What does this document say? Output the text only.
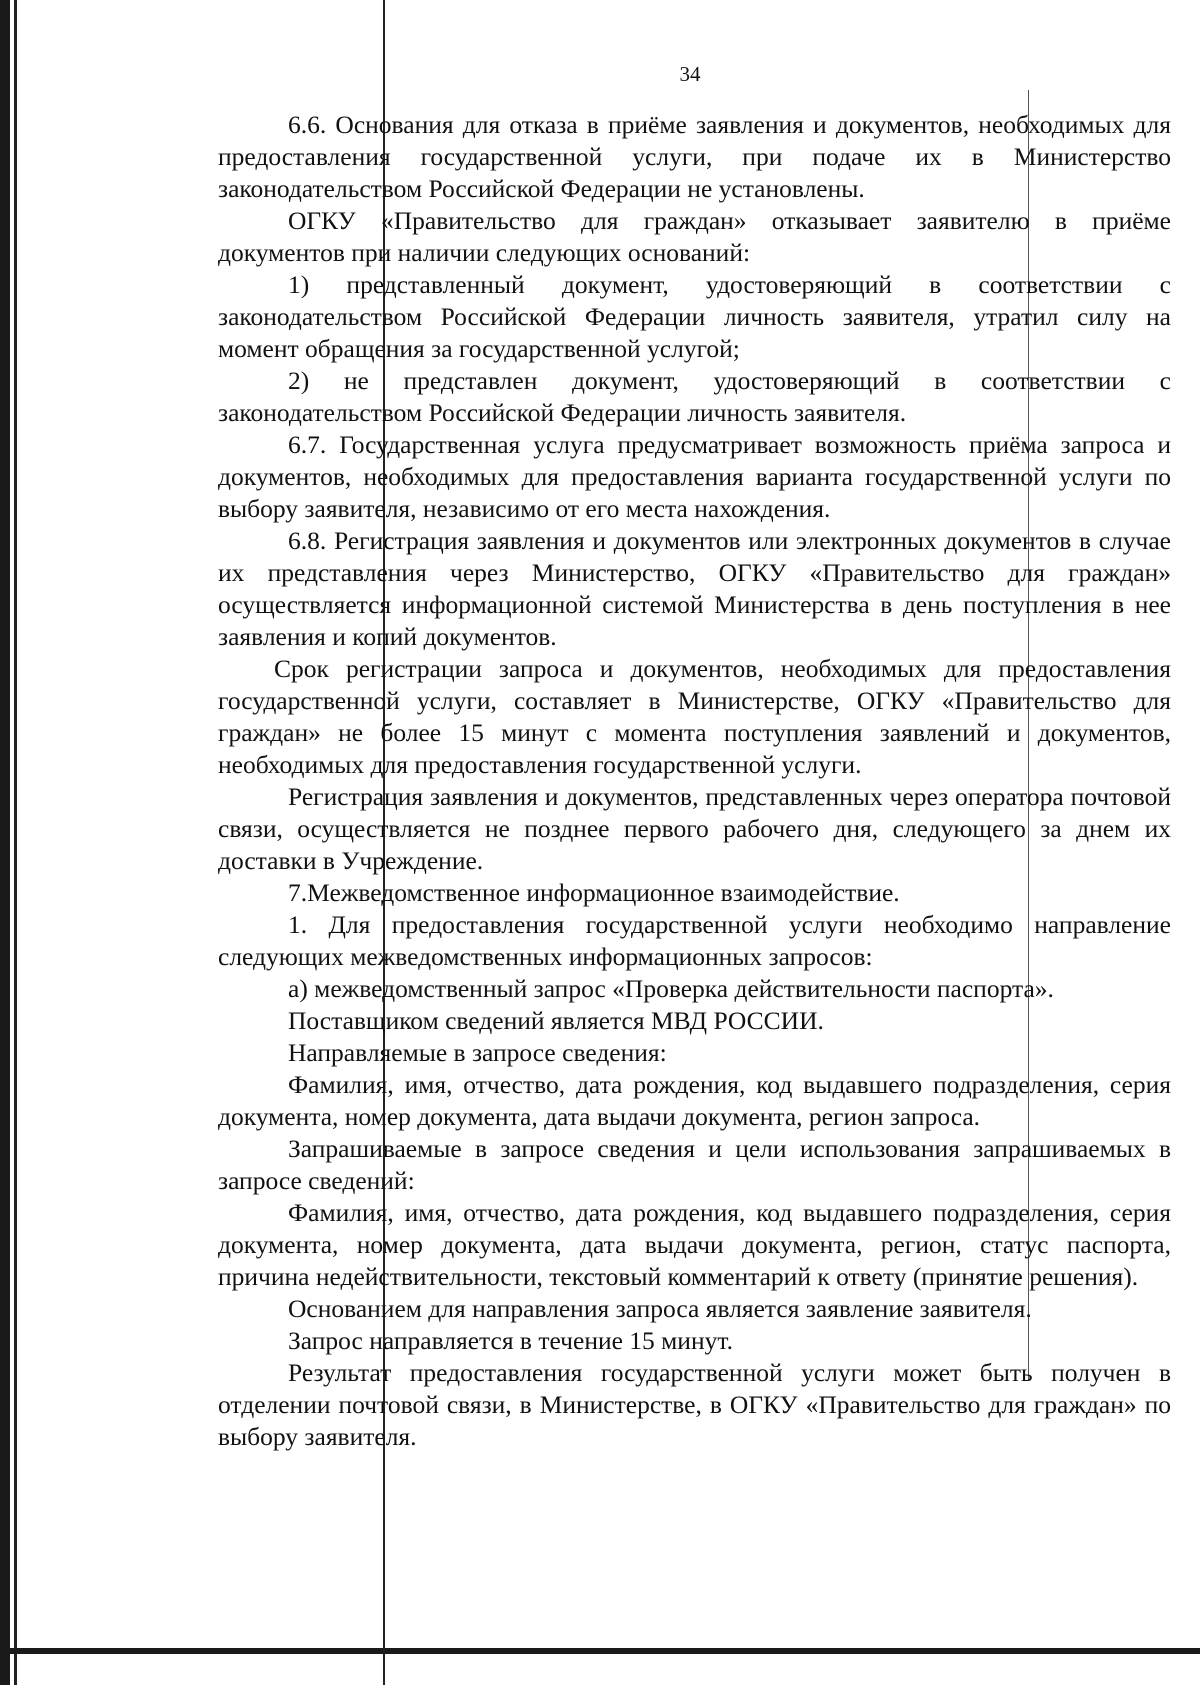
34

6.6. Основания для отказа в приёме заявления и документов, необходимых для предоставления государственной услуги, при подаче их в Министерство законодательством Российской Федерации не установлены.

ОГКУ «Правительство для граждан» отказывает заявителю в приёме документов при наличии следующих оснований:

1) представленный документ, удостоверяющий в соответствии с законодательством Российской Федерации личность заявителя, утратил силу на момент обращения за государственной услугой;

2) не представлен документ, удостоверяющий в соответствии с законодательством Российской Федерации личность заявителя.

6.7. Государственная услуга предусматривает возможность приёма запроса и документов, необходимых для предоставления варианта государственной услуги по выбору заявителя, независимо от его места нахождения.

6.8. Регистрация заявления и документов или электронных документов в случае их представления через Министерство, ОГКУ «Правительство для граждан» осуществляется информационной системой Министерства в день поступления в нее заявления и копий документов.

Срок регистрации запроса и документов, необходимых для предоставления государственной услуги, составляет в Министерстве, ОГКУ «Правительство для граждан» не более 15 минут с момента поступления заявлений и документов, необходимых для предоставления государственной услуги.

Регистрация заявления и документов, представленных через оператора почтовой связи, осуществляется не позднее первого рабочего дня, следующего за днем их доставки в Учреждение.

7.Межведомственное информационное взаимодействие.

1. Для предоставления государственной услуги необходимо направление следующих межведомственных информационных запросов:

а) межведомственный запрос «Проверка действительности паспорта».

Поставщиком сведений является МВД РОССИИ.

Направляемые в запросе сведения:

Фамилия, имя, отчество, дата рождения, код выдавшего подразделения, серия документа, номер документа, дата выдачи документа, регион запроса.

Запрашиваемые в запросе сведения и цели использования запрашиваемых в запросе сведений:

Фамилия, имя, отчество, дата рождения, код выдавшего подразделения, серия документа, номер документа, дата выдачи документа, регион, статус паспорта, причина недействительности, текстовый комментарий к ответу (принятие решения).

Основанием для направления запроса является заявление заявителя.

Запрос направляется в течение 15 минут.

Результат предоставления государственной услуги может быть получен в отделении почтовой связи, в Министерстве, в ОГКУ «Правительство для граждан» по выбору заявителя.
